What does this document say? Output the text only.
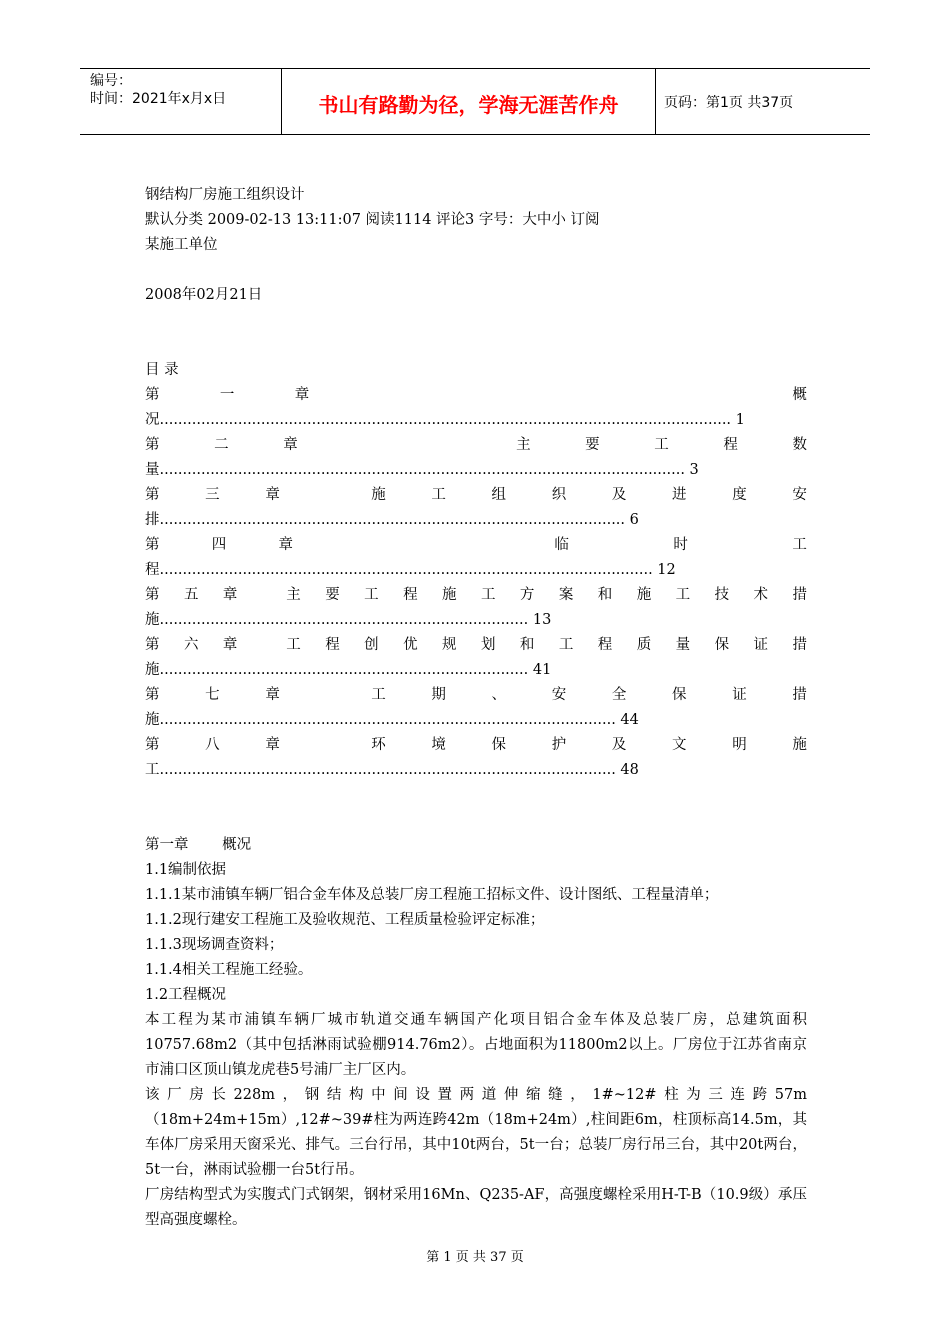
编号：
时间：2021年x月x日	书山有路勤为径，学海无涯苦作舟	页码：第1页 共37页
钢结构厂房施工组织设计
默认分类 2009-02-13 13:11:07 阅读1114 评论3 字号：大中小 订阅
某施工单位
2008年02月21日
目 录
第	一	章	概
况............................................................................................................................ 1
第	二	章	主	要	工	程	数
量.................................................................................................................. 3
第	三	章	施	工	组	织	及	进	度	安
排..................................................................................................... 6
第	四	章	临	时	工
程........................................................................................................... 12
第 五 章	主 要 工 程 施 工 方 案 和 施 工 技 术 措
施................................................................................ 13
第 六 章	工 程 创 优 规 划 和 工 程 质 量 保 证 措
施................................................................................ 41
第	七	章	工	期	、	安	全	保	证	措
施................................................................................................... 44
第	八	章	环	境	保	护	及	文	明	施
工................................................................................................... 48
第一章　　 概况
1.1编制依据
1.1.1某市浦镇车辆厂铝合金车体及总装厂房工程施工招标文件、设计图纸、工程量清单；
1.1.2现行建安工程施工及验收规范、工程质量检验评定标准；
1.1.3现场调查资料；
1.1.4相关工程施工经验。
1.2工程概况
本工程为某市浦镇车辆厂城市轨道交通车辆国产化项目铝合金车体及总装厂房，总建筑面积10757.68m2（其中包括淋雨试验棚914.76m2）。占地面积为11800m2以上。厂房位于江苏省南京市浦口区顶山镇龙虎巷5号浦厂主厂区内。
该厂房长228m，钢结构中间设置两道伸缩缝，1#~12#柱为三连跨57m（18m+24m+15m）,12#~39#柱为两连跨42m（18m+24m）,柱间距6m，柱顶标高14.5m，其车体厂房采用天窗采光、排气。三台行吊，其中10t两台，5t一台；总装厂房行吊三台，其中20t两台，5t一台，淋雨试验棚一台5t行吊。
厂房结构型式为实腹式门式钢架，钢材采用16Mn、Q235-AF，高强度螺栓采用H-T-B（10.9级）承压型高强度螺栓。
第 1 页 共 37 页
